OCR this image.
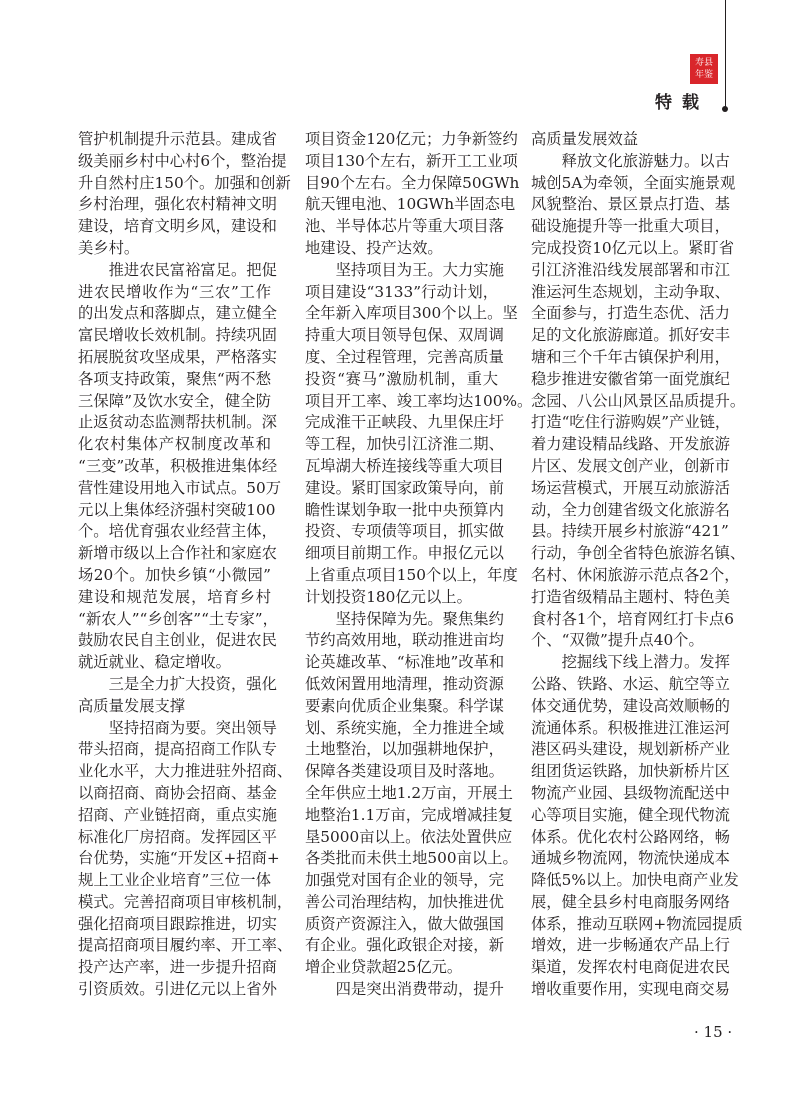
寿县
年鉴
特载
管护机制提升示范县。建成省
级美丽乡村中心村6个，整治提
升自然村庄150个。加强和创新
乡村治理，强化农村精神文明
建设，培育文明乡风，建设和
美乡村。
推进农民富裕富足。把促
进农民增收作为“三农”工作
的出发点和落脚点，建立健全
富民增收长效机制。持续巩固
拓展脱贫攻坚成果，严格落实
各项支持政策，聚焦“两不愁
三保障”及饮水安全，健全防
止返贫动态监测帮扶机制。深
化农村集体产权制度改革和
“三变”改革，积极推进集体经
营性建设用地入市试点。50万
元以上集体经济强村突破100
个。培优育强农业经营主体，
新增市级以上合作社和家庭农
场20个。加快乡镇“小微园”
建设和规范发展，培育乡村
“新农人”“乡创客”“土专家”，
鼓励农民自主创业，促进农民
就近就业、稳定增收。
三是全力扩大投资，强化
高质量发展支撑
坚持招商为要。突出领导
带头招商，提高招商工作队专
业化水平，大力推进驻外招商、
以商招商、商协会招商、基金
招商、产业链招商，重点实施
标准化厂房招商。发挥园区平
台优势，实施“开发区+招商+
规上工业企业培育”三位一体
模式。完善招商项目审核机制，
强化招商项目跟踪推进，切实
提高招商项目履约率、开工率、
投产达产率，进一步提升招商
引资质效。引进亿元以上省外
项目资金120亿元；力争新签约
项目130个左右，新开工工业项
目90个左右。全力保障50GWh
航天锂电池、10GWh半固态电
池、半导体芯片等重大项目落
地建设、投产达效。
坚持项目为王。大力实施
项目建设“3133”行动计划，
全年新入库项目300个以上。坚
持重大项目领导包保、双周调
度、全过程管理，完善高质量
投资“赛马”激励机制，重大
项目开工率、竣工率均达100%。
完成淮干正峡段、九里保庄圩
等工程，加快引江济淮二期、
瓦埠湖大桥连接线等重大项目
建设。紧盯国家政策导向，前
瞻性谋划争取一批中央预算内
投资、专项债等项目，抓实做
细项目前期工作。申报亿元以
上省重点项目150个以上，年度
计划投资180亿元以上。
坚持保障为先。聚焦集约
节约高效用地，联动推进亩均
论英雄改革、“标准地”改革和
低效闲置用地清理，推动资源
要素向优质企业集聚。科学谋
划、系统实施，全力推进全域
土地整治，以加强耕地保护，
保障各类建设项目及时落地。
全年供应土地1.2万亩，开展土
地整治1.1万亩，完成增减挂复
垦5000亩以上。依法处置供应
各类批而未供土地500亩以上。
加强党对国有企业的领导，完
善公司治理结构，加快推进优
质资产资源注入，做大做强国
有企业。强化政银企对接，新
增企业贷款超25亿元。
四是突出消费带动，提升
高质量发展效益
释放文化旅游魅力。以古
城创5A为牵领，全面实施景观
风貌整治、景区景点打造、基
础设施提升等一批重大项目，
完成投资10亿元以上。紧盯省
引江济淮沿线发展部署和市江
淮运河生态规划，主动争取、
全面参与，打造生态优、活力
足的文化旅游廊道。抓好安丰
塘和三个千年古镇保护利用，
稳步推进安徽省第一面党旗纪
念园、八公山风景区品质提升。
打造“吃住行游购娱”产业链，
着力建设精品线路、开发旅游
片区、发展文创产业，创新市
场运营模式，开展互动旅游活
动，全力创建省级文化旅游名
县。持续开展乡村旅游“421”
行动，争创全省特色旅游名镇、
名村、休闲旅游示范点各2个，
打造省级精品主题村、特色美
食村各1个，培育网红打卡点6
个、“双微”提升点40个。
挖掘线下线上潜力。发挥
公路、铁路、水运、航空等立
体交通优势，建设高效顺畅的
流通体系。积极推进江淮运河
港区码头建设，规划新桥产业
组团货运铁路，加快新桥片区
物流产业园、县级物流配送中
心等项目实施，健全现代物流
体系。优化农村公路网络，畅
通城乡物流网，物流快递成本
降低5%以上。加快电商产业发
展，健全县乡村电商服务网络
体系，推动互联网+物流园提质
增效，进一步畅通农产品上行
渠道，发挥农村电商促进农民
增收重要作用，实现电商交易
· 15 ·
